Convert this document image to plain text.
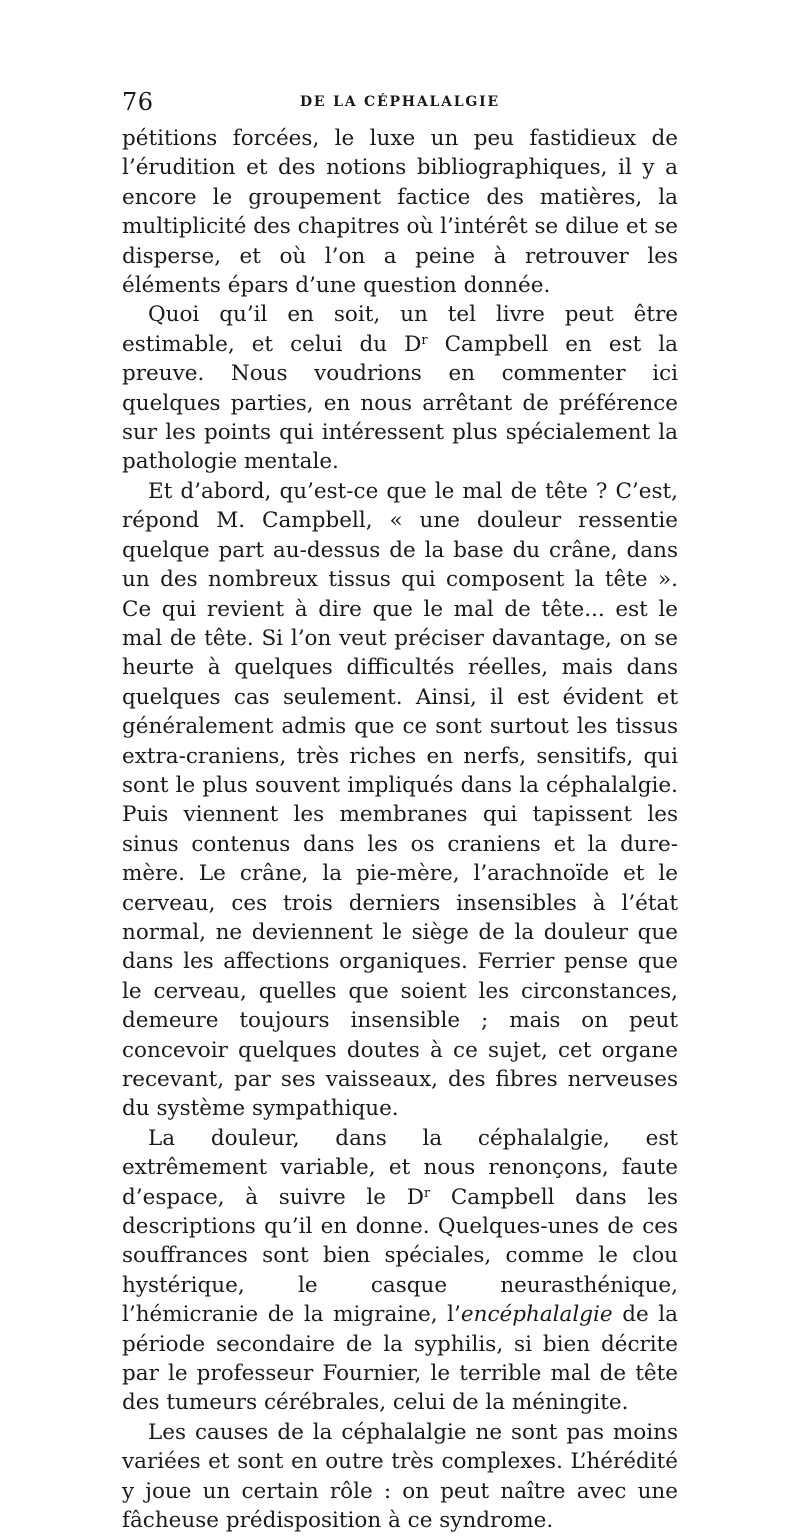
76	DE LA CÉPHALALGIE

pétitions forcées, le luxe un peu fastidieux de l’érudition et des notions bibliographiques, il y a encore le groupement factice des matières, la multiplicité des chapitres où l’intérêt se dilue et se disperse, et où l’on a peine à retrouver les éléments épars d’une question donnée.

Quoi qu’il en soit, un tel livre peut être estimable, et celui du $D^r$ Campbell en est la preuve. Nous voudrions en commenter ici quelques parties, en nous arrêtant de préférence sur les points qui intéressent plus spécialement la pathologie mentale.

Et d’abord, qu’est-ce que le mal de tête ? C’est, répond M. Campbell, « une douleur ressentie quelque part au-dessus de la base du crâne, dans un des nombreux tissus qui composent la tête ». Ce qui revient à dire que le mal de tête... est le mal de tête. Si l’on veut préciser davantage, on se heurte à quelques difficultés réelles, mais dans quelques cas seulement. Ainsi, il est évident et généralement admis que ce sont surtout les tissus extra-craniens, très riches en nerfs, sensitifs, qui sont le plus souvent impliqués dans la céphalalgie. Puis viennent les membranes qui tapissent les sinus contenus dans les os craniens et la dure-mère. Le crâne, la pie-mère, l’arachnoïde et le cerveau, ces trois derniers insensibles à l’état normal, ne deviennent le siège de la douleur que dans les affections organiques. Ferrier pense que le cerveau, quelles que soient les circonstances, demeure toujours insensible ; mais on peut concevoir quelques doutes à ce sujet, cet organe recevant, par ses vaisseaux, des fibres nerveuses du système sympathique.

La douleur, dans la céphalalgie, est extrêmement variable, et nous renonçons, faute d’espace, à suivre le $D^r$ Campbell dans les descriptions qu’il en donne. Quelques-unes de ces souffrances sont bien spéciales, comme le clou hystérique, le casque neurasthénique, l’hémicranie de la migraine, l’encéphalalgie de la période secondaire de la syphilis, si bien décrite par le professeur Fournier, le terrible mal de tête des tumeurs cérébrales, celui de la méningite.

Les causes de la céphalalgie ne sont pas moins variées et sont en outre très complexes. L’hérédité y joue un certain rôle : on peut naître avec une fâcheuse prédisposition à ce syndrome.
